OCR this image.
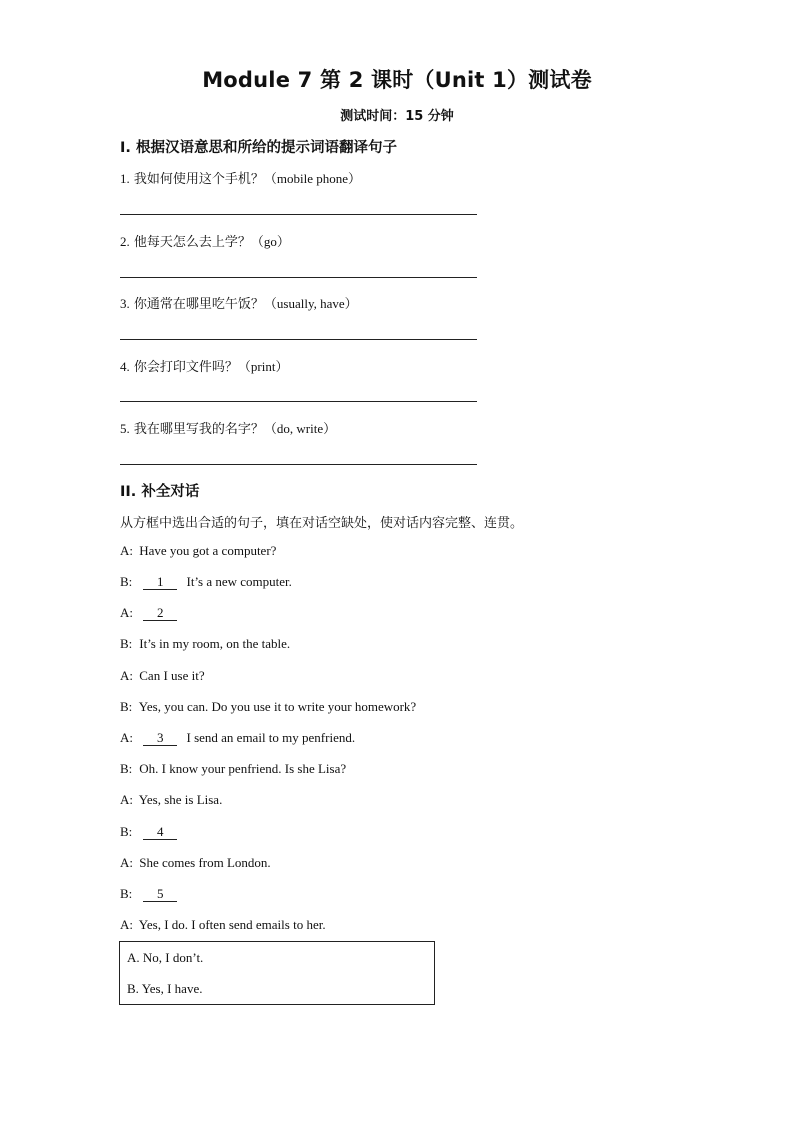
Module 7 第 2 课时（Unit 1）测试卷
测试时间：15 分钟
Ⅰ. 根据汉语意思和所给的提示词语翻译句子
1. 我如何使用这个手机？（mobile phone）
2. 他每天怎么去上学？（go）
3. 你通常在哪里吃午饭？（usually, have）
4. 你会打印文件吗？（print）
5. 我在哪里写我的名字？（do, write）
II. 补全对话
从方框中选出合适的句子，填在对话空缺处，使对话内容完整、连贯。
A: Have you got a computer?
B: 1 It’s a new computer.
A: 2
B: It’s in my room, on the table.
A: Can I use it?
B: Yes, you can. Do you use it to write your homework?
A: 3 I send an email to my penfriend.
B: Oh. I know your penfriend. Is she Lisa?
A: Yes, she is Lisa.
B: 4
A: She comes from London.
B: 5
A: Yes, I do. I often send emails to her.
A. No, I don’t.
B. Yes, I have.
